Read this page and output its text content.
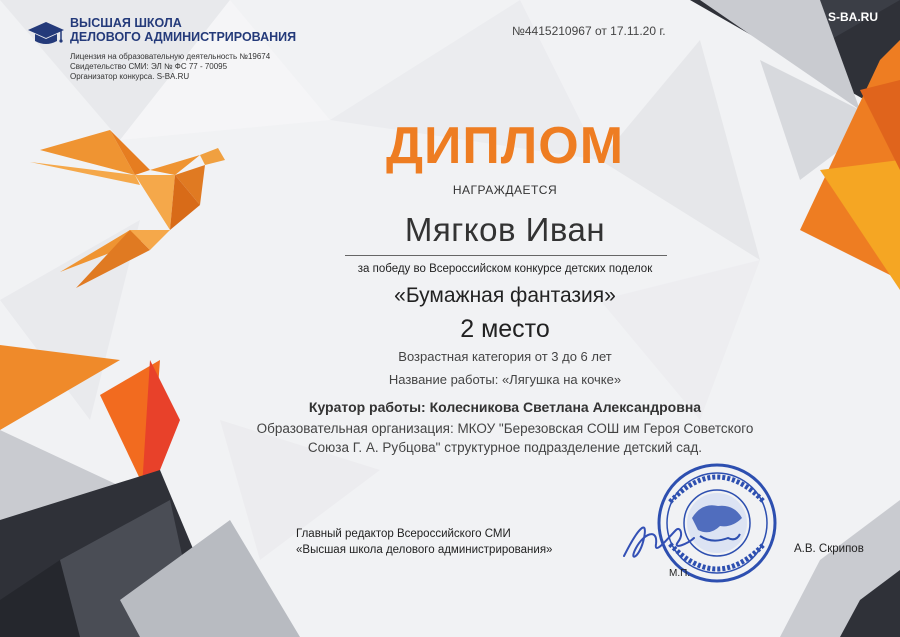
ВЫСШАЯ ШКОЛА
ДЕЛОВОГО АДМИНИСТРИРОВАНИЯ
Лицензия на образовательную деятельность №19674
Свидетельство СМИ: ЭЛ № ФС 77 - 70095
Организатор конкурса. S-BA.RU
№4415210967 от 17.11.20 г.
S-BA.RU
ДИПЛОМ
НАГРАЖДАЕТСЯ
Мягков Иван
за победу во Всероссийском конкурсе детских поделок
«Бумажная фантазия»
2 место
Возрастная категория от 3 до 6 лет
Название работы: «Лягушка на кочке»
Куратор работы: Колесникова Светлана Александровна
Образовательная организация: МКОУ "Березовская СОШ им Героя Советского
Союза Г. А. Рубцова" структурное подразделение детский сад.
Главный редактор Всероссийского СМИ
«Высшая школа делового администрирования»
М.П.
А.В. Скрипов
